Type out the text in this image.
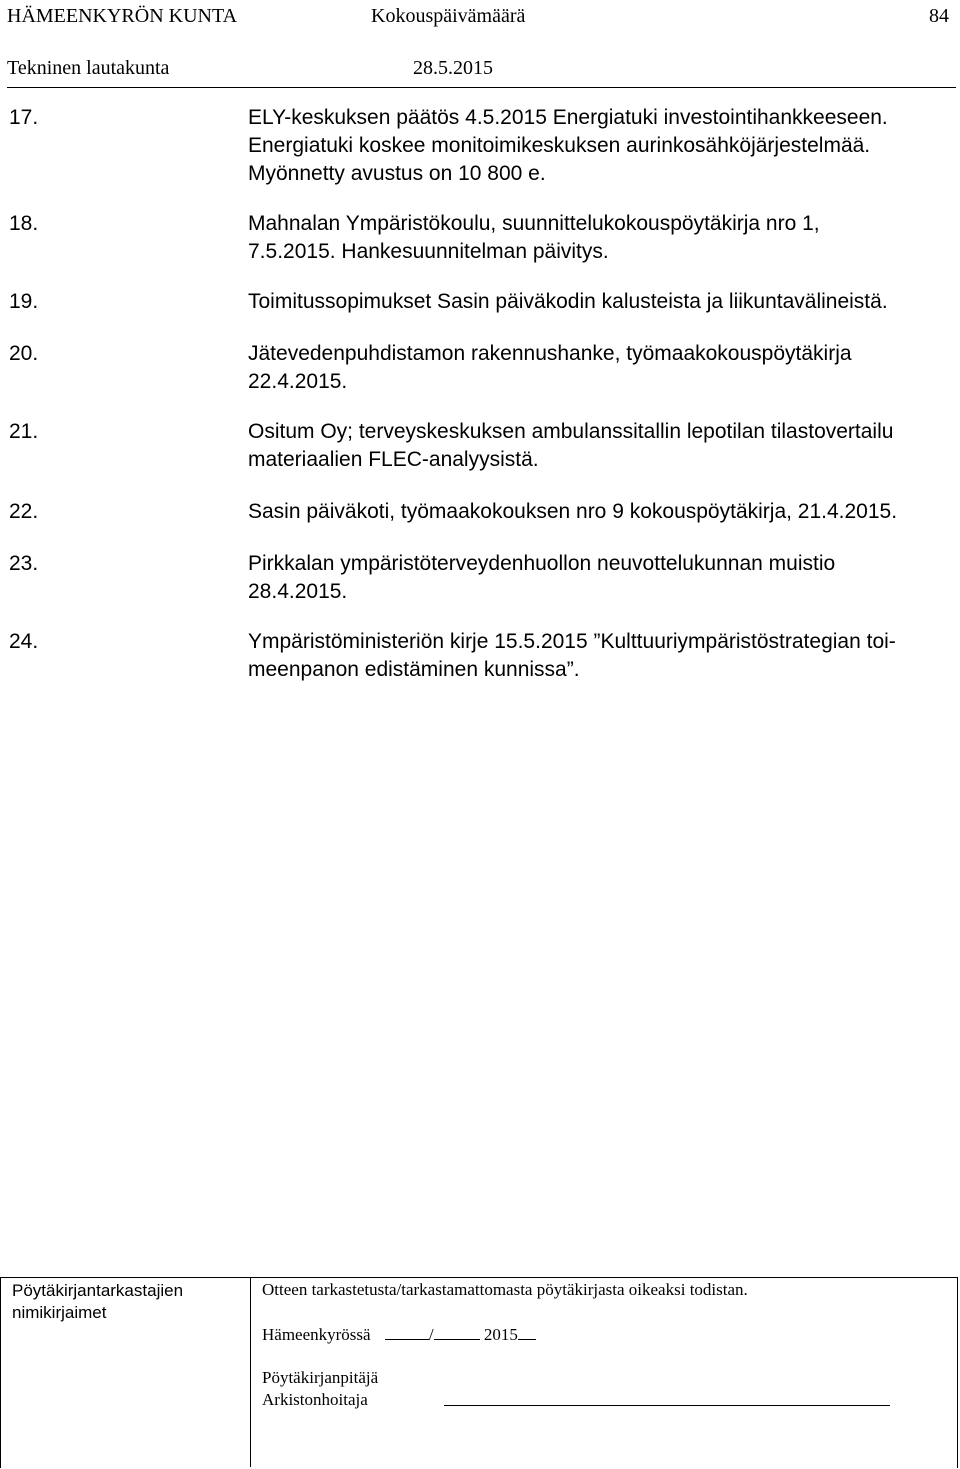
HÄMEENKYRÖN KUNTA	Kokouspäivämäärä	84
Tekninen lautakunta	28.5.2015
17.	ELY-keskuksen päätös 4.5.2015 Energiatuki investointihankkeeseen.
Energiatuki koskee monitoimikeskuksen aurinkosähköjärjestelmää.
Myönnetty avustus on 10 800 e.
18.	Mahnalan Ympäristökoulu, suunnittelukokouspöytäkirja nro 1,
7.5.2015. Hankesuunnitelman päivitys.
19.	Toimitussopimukset Sasin päiväkodin kalusteista ja liikuntavälineistä.
20.	Jätevedenpuhdistamon rakennushanke, työmaakokouspöytäkirja
22.4.2015.
21.	Ositum Oy; terveyskeskuksen ambulanssitallin lepotilan tilastovertailu
materiaalien FLEC-analyysistä.
22.	Sasin päiväkoti, työmaakokouksen nro 9 kokouspöytäkirja, 21.4.2015.
23.	Pirkkalan ympäristöterveydenhuollon neuvottelukunnan muistio
28.4.2015.
24.	Ympäristöministeriön kirje 15.5.2015 ”Kulttuuriympäristöstrategian toi-
meenpanon edistäminen kunnissa”.
Pöytäkirjantarkastajien
nimikirjaimet
Otteen tarkastetusta/tarkastamattomasta pöytäkirjasta oikeaksi todistan.
Hämeenkyrössä	/	2015
Pöytäkirjanpitäjä
Arkistonhoitaja
